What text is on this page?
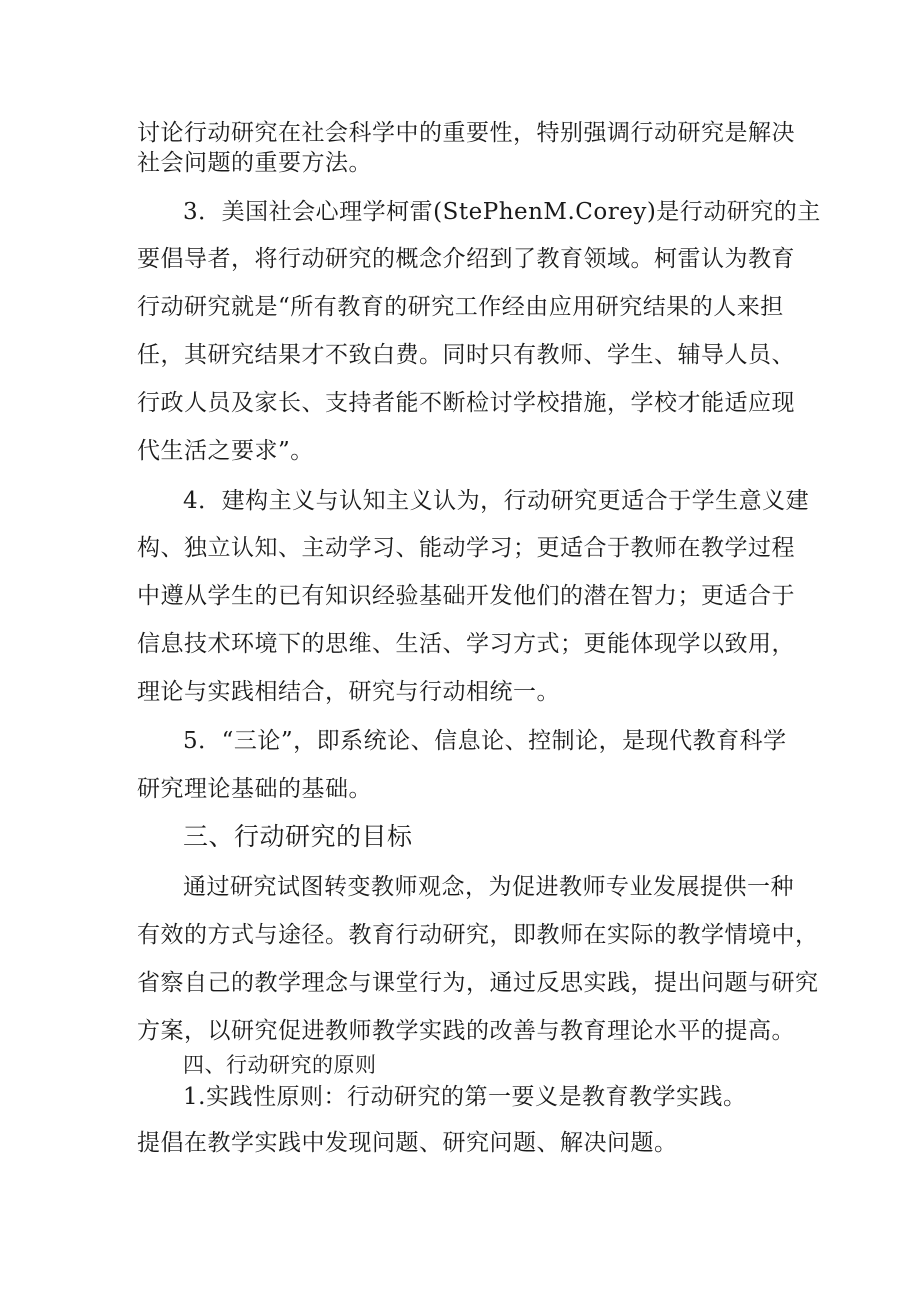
讨论行动研究在社会科学中的重要性，特别强调行动研究是解决
社会问题的重要方法。
3．美国社会心理学柯雷(StePhenM.Corey)是行动研究的主
要倡导者，将行动研究的概念介绍到了教育领域。柯雷认为教育
行动研究就是“所有教育的研究工作经由应用研究结果的人来担
任，其研究结果才不致白费。同时只有教师、学生、辅导人员、
行政人员及家长、支持者能不断检讨学校措施，学校才能适应现
代生活之要求”。
4．建构主义与认知主义认为，行动研究更适合于学生意义建
构、独立认知、主动学习、能动学习；更适合于教师在教学过程
中遵从学生的已有知识经验基础开发他们的潜在智力；更适合于
信息技术环境下的思维、生活、学习方式；更能体现学以致用，
理论与实践相结合，研究与行动相统一。
5．“三论”，即系统论、信息论、控制论，是现代教育科学
研究理论基础的基础。
三、行动研究的目标
通过研究试图转变教师观念，为促进教师专业发展提供一种
有效的方式与途径。教育行动研究，即教师在实际的教学情境中，
省察自己的教学理念与课堂行为，通过反思实践，提出问题与研究
方案，以研究促进教师教学实践的改善与教育理论水平的提高。
四、行动研究的原则
1.实践性原则：行动研究的第一要义是教育教学实践。
提倡在教学实践中发现问题、研究问题、解决问题。
